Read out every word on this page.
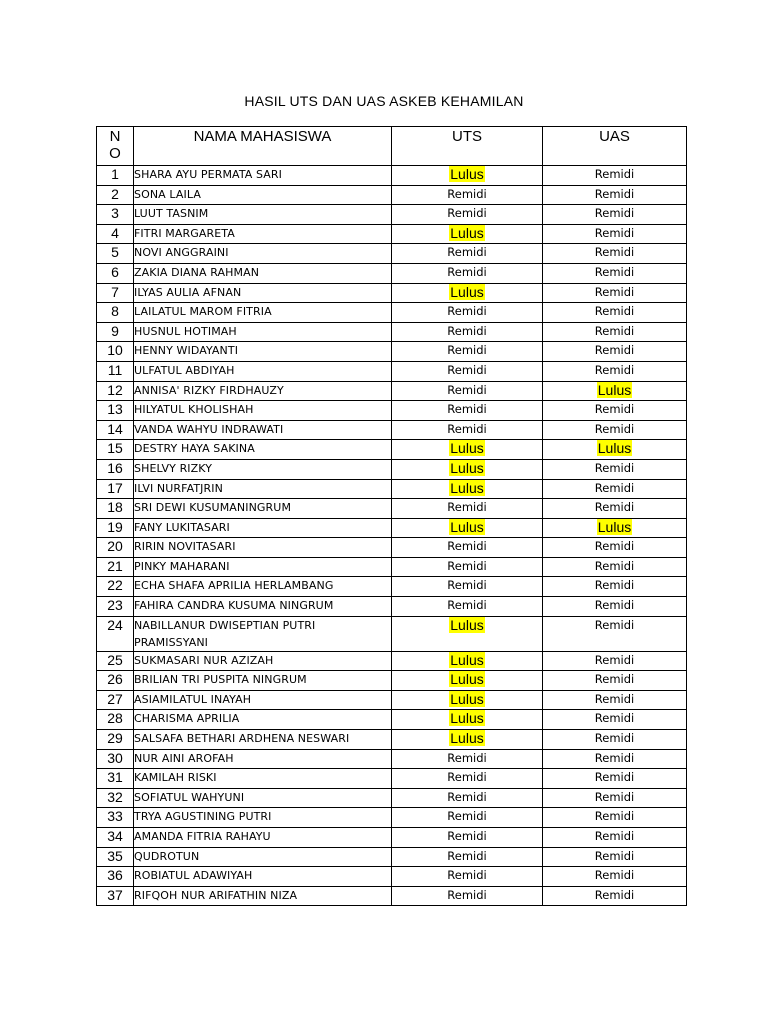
HASIL UTS DAN UAS ASKEB KEHAMILAN
N
O	NAMA MAHASISWA	UTS	UAS
1	SHARA AYU PERMATA SARI	Lulus	Remidi
2	SONA LAILA	Remidi	Remidi
3	LUUT TASNIM	Remidi	Remidi
4	FITRI MARGARETA	Lulus	Remidi
5	NOVI ANGGRAINI	Remidi	Remidi
6	ZAKIA DIANA RAHMAN	Remidi	Remidi
7	ILYAS AULIA AFNAN	Lulus	Remidi
8	LAILATUL MAROM FITRIA	Remidi	Remidi
9	HUSNUL HOTIMAH	Remidi	Remidi
10	HENNY WIDAYANTI	Remidi	Remidi
11	ULFATUL ABDIYAH	Remidi	Remidi
12	ANNISA' RIZKY FIRDHAUZY	Remidi	Lulus
13	HILYATUL KHOLISHAH	Remidi	Remidi
14	VANDA WAHYU INDRAWATI	Remidi	Remidi
15	DESTRY HAYA SAKINA	Lulus	Lulus
16	SHELVY RIZKY	Lulus	Remidi
17	ILVI NURFATJRIN	Lulus	Remidi
18	SRI DEWI KUSUMANINGRUM	Remidi	Remidi
19	FANY LUKITASARI	Lulus	Lulus
20	RIRIN NOVITASARI	Remidi	Remidi
21	PINKY MAHARANI	Remidi	Remidi
22	ECHA SHAFA APRILIA HERLAMBANG	Remidi	Remidi
23	FAHIRA CANDRA KUSUMA NINGRUM	Remidi	Remidi
24	NABILLANUR DWISEPTIAN PUTRI PRAMISSYANI	Lulus	Remidi
25	SUKMASARI NUR AZIZAH	Lulus	Remidi
26	BRILIAN TRI PUSPITA NINGRUM	Lulus	Remidi
27	ASIAMILATUL INAYAH	Lulus	Remidi
28	CHARISMA APRILIA	Lulus	Remidi
29	SALSAFA BETHARI ARDHENA NESWARI	Lulus	Remidi
30	NUR AINI AROFAH	Remidi	Remidi
31	KAMILAH RISKI	Remidi	Remidi
32	SOFIATUL WAHYUNI	Remidi	Remidi
33	TRYA AGUSTINING PUTRI	Remidi	Remidi
34	AMANDA FITRIA RAHAYU	Remidi	Remidi
35	QUDROTUN	Remidi	Remidi
36	ROBIATUL ADAWIYAH	Remidi	Remidi
37	RIFQOH NUR ARIFATHIN NIZA	Remidi	Remidi
